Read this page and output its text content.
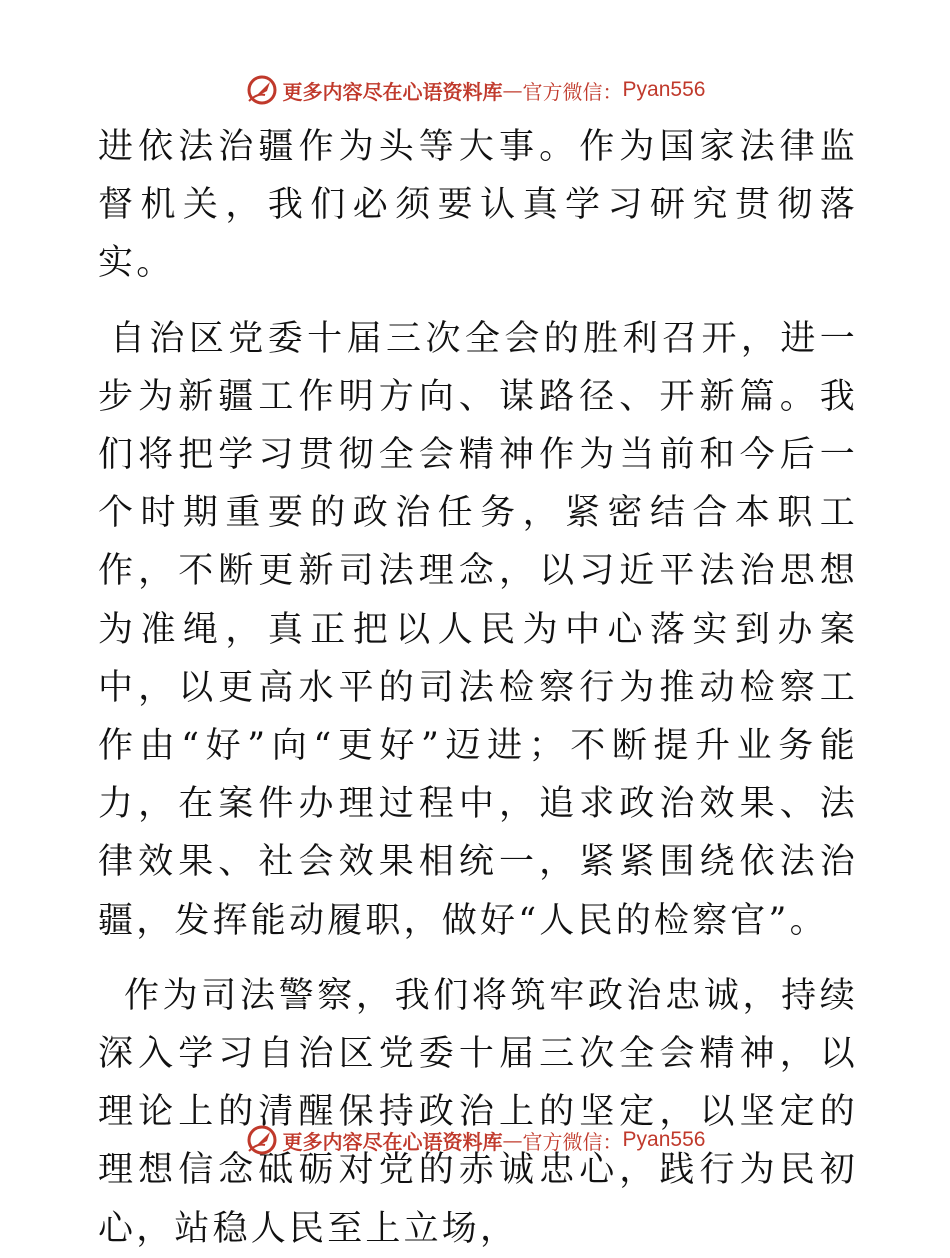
更多内容尽在心语资料库 — 官方微信： Pyan556

进依法治疆作为头等大事。作为国家法律监督机关，我们必须要认真学习研究贯彻落实。

自治区党委十届三次全会的胜利召开，进一步为新疆工作明方向、谋路径、开新篇。我们将把学习贯彻全会精神作为当前和今后一个时期重要的政治任务，紧密结合本职工作，不断更新司法理念，以习近平法治思想为准绳，真正把以人民为中心落实到办案中，以更高水平的司法检察行为推动检察工作由“好”向“更好”迈进；不断提升业务能力，在案件办理过程中，追求政治效果、法律效果、社会效果相统一，紧紧围绕依法治疆，发挥能动履职，做好“人民的检察官”。

作为司法警察，我们将筑牢政治忠诚，持续深入学习自治区党委十届三次全会精神，以理论上的清醒保持政治上的坚定，以坚定的理想信念砥砺对党的赤诚忠心，践行为民初心，站稳人民至上立场，

更多内容尽在心语资料库 — 官方微信： Pyan556
